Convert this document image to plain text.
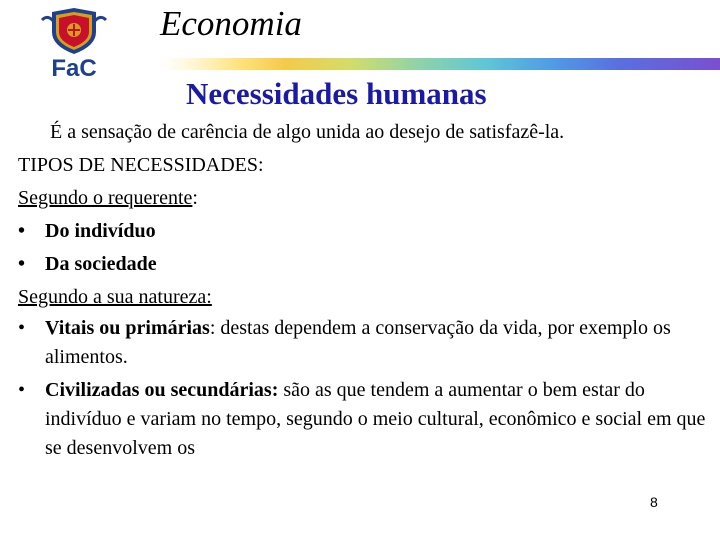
FaC
Economia
Necessidades humanas
É a sensação de carência de algo unida ao desejo de satisfazê-la.
TIPOS DE NECESSIDADES:
Segundo o requerente:
• Do indivíduo
• Da sociedade
Segundo a sua natureza:
• Vitais ou primárias: destas dependem a conservação da vida, por exemplo os alimentos.
• Civilizadas ou secundárias: são as que tendem a aumentar o bem estar do indivíduo e variam no tempo, segundo o meio cultural, econômico e social em que se desenvolvem os
8
